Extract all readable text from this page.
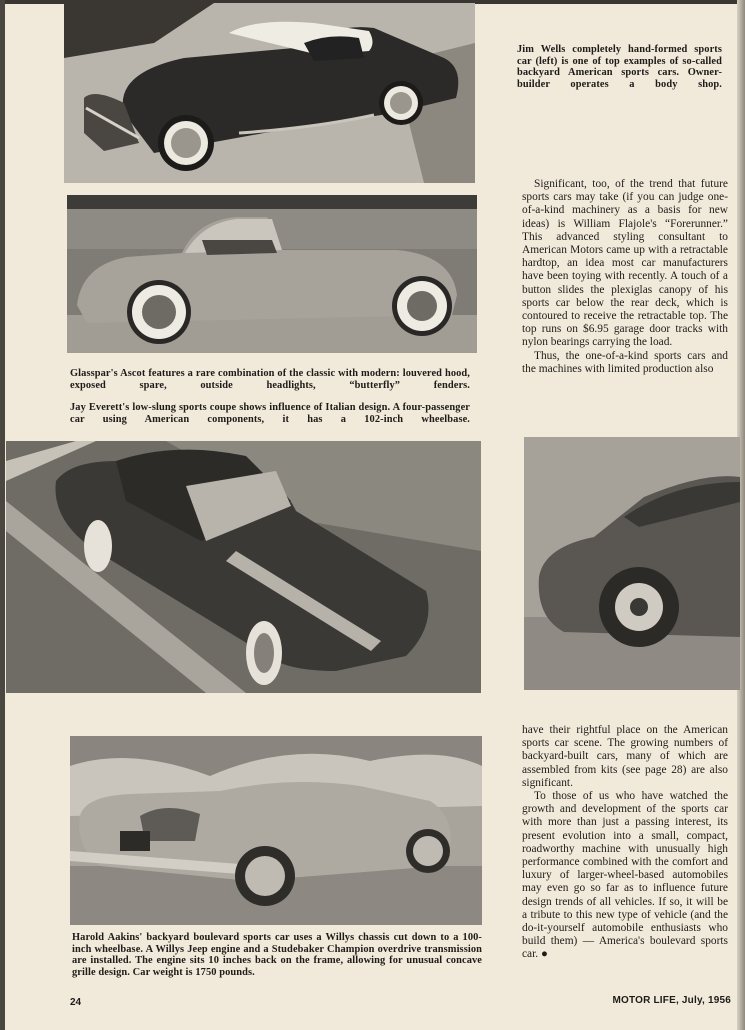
Jim Wells completely hand-formed sports car (left) is one of top examples of so-called backyard American sports cars. Owner-builder operates a body shop.
Glasspar's Ascot features a rare combination of the classic with modern: louvered hood, exposed spare, outside headlights, “butterfly” fenders.
Jay Everett's low-slung sports coupe shows influence of Italian design. A four-passenger car using American components, it has a 102-inch wheelbase.

Significant, too, of the trend that future sports cars may take (if you can judge one-of-a-kind machinery as a basis for new ideas) is William Flajole's “Forerunner.” This advanced styling consultant to American Motors came up with a retractable hardtop, an idea most car manufacturers have been toying with recently. A touch of a button slides the plexiglas canopy of his sports car below the rear deck, which is contoured to receive the retractable top. The top runs on $6.95 garage door tracks with nylon bearings carrying the load.

Thus, the one-of-a-kind sports cars and the machines with limited production also

have their rightful place on the American sports car scene. The growing numbers of backyard-built cars, many of which are assembled from kits (see page 28) are also significant.

To those of us who have watched the growth and development of the sports car with more than just a passing interest, its present evolution into a small, compact, roadworthy machine with unusually high performance combined with the comfort and luxury of larger-wheel-based automobiles may even go so far as to influence future design trends of all vehicles. If so, it will be a tribute to this new type of vehicle (and the do-it-yourself automobile enthusiasts who build them) — America's boulevard sports car. ●

Harold Aakins' backyard boulevard sports car uses a Willys chassis cut down to a 100-inch wheelbase. A Willys Jeep engine and a Studebaker Champion overdrive transmission are installed. The engine sits 10 inches back on the frame, allowing for unusual concave grille design. Car weight is 1750 pounds.
24	MOTOR LIFE, July, 1956
